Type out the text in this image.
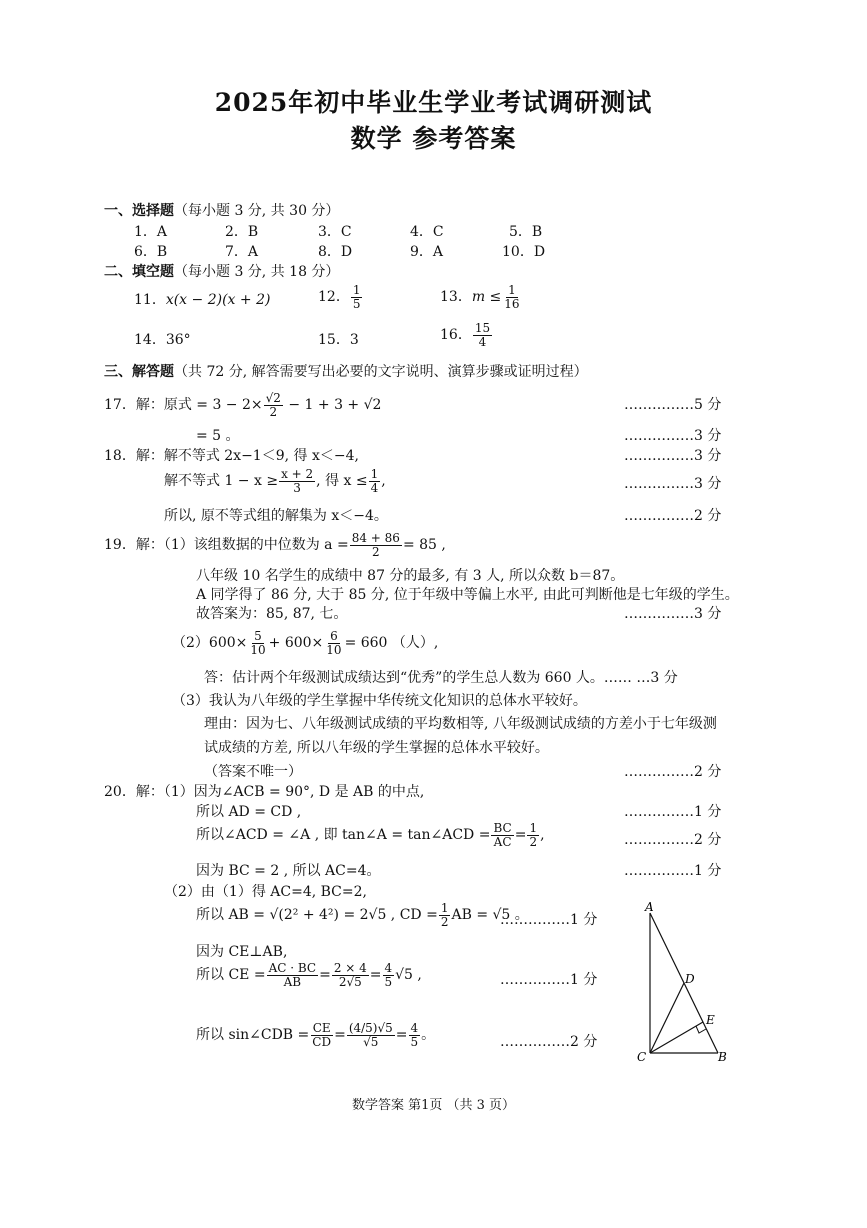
2025年初中毕业生学业考试调研测试
数学 参考答案
一、选择题（每小题 3 分, 共 30 分）
1．A	2．B	3．C	4．C	5．B
6．B	7．A	8．D	9．A	10．D
二、填空题（每小题 3 分, 共 18 分）
11．x(x − 2)(x + 2)	12． $\frac{1}{5}$	13．$m \le \frac{1}{16}$
14．36°	15．3	16． $\frac{15}{4}$
三、解答题（共 72 分, 解答需要写出必要的文字说明、演算步骤或证明过程）
17．解：原式 = $3 - 2\times \frac{√2}{2} - 1 + 3 + √2$	……………5 分
= 5 。	……………3 分
18．解：解不等式 2x−1＜9, 得 x＜−4,	……………3 分
解不等式 $1 - x \ge \frac{x + 2}{3}$ , 得 $x \le \frac{1}{4}$ ,	……………3 分
所以, 原不等式组的解集为 x＜−4。	……………2 分
19．解：（1）该组数据的中位数为 $a = \frac{84 + 86}{2} = 85$ ,
八年级 10 名学生的成绩中 87 分的最多, 有 3 人, 所以众数 b＝87。
A 同学得了 86 分, 大于 85 分, 位于年级中等偏上水平, 由此可判断他是七年级的学生。
故答案为：85, 87, 七。	……………3 分
$(2)600\times \frac{5}{10} + 600\times \frac{6}{10} = 660$ （人）,
答：估计两个年级测试成绩达到“优秀”的学生总人数为 660 人。…… …3 分
（3）我认为八年级的学生掌握中华传统文化知识的总体水平较好。
理由：因为七、八年级测试成绩的平均数相等, 八年级测试成绩的方差小于七年级测
试成绩的方差, 所以八年级的学生掌握的总体水平较好。
（答案不唯一）	……………2 分
20．解：（1）因为∠ACB = 90°, D 是 AB 的中点,
所以 AD = CD ,	……………1 分
所以∠ACD = ∠A , 即 tan∠A = tan∠ACD = $\frac{BC}{AC} = \frac{1}{2}$ ,	……………2 分
因为 BC = 2 , 所以 AC=4。	……………1 分
（2）由（1）得 AC=4, BC=2,
所以 AB = √(2² + 4²) = 2√5 , CD = $\frac{1}{2}$ AB = √5 。
……………1 分
因为 CE⊥AB,
所以 CE = $\frac{AC \cdot BC}{AB} = \frac{2 \times 4}{2√5} = \frac{4}{5} √5$ ,	……………1 分
所以 sin∠CDB = $\frac{CE}{CD} = \frac{(4/5)√5}{√5} = \frac{4}{5}$ 。	……………2 分
A
C	B
D
E
数学答案 第1页 （共 3 页）
